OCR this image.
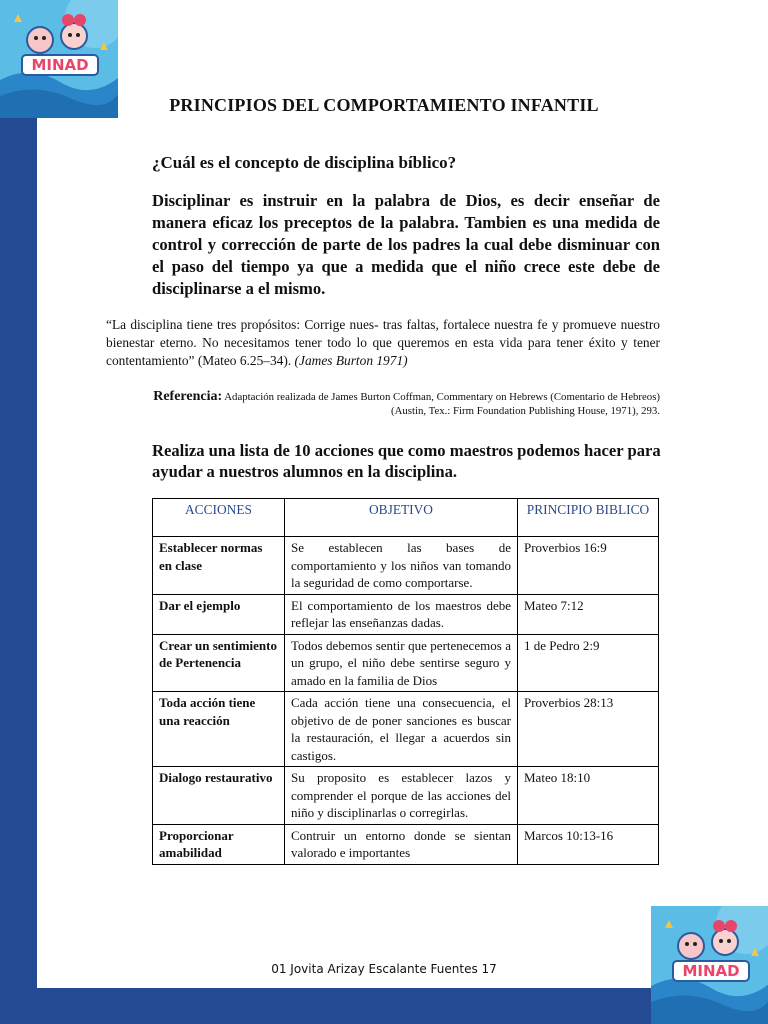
MINAD
MINAD
PRINCIPIOS DEL COMPORTAMIENTO INFANTIL
¿Cuál es el concepto de disciplina bíblico?
Disciplinar es instruir en la palabra de Dios, es decir enseñar de manera eficaz los preceptos de la palabra. Tambien es una medida de control y corrección de parte de los padres la cual debe disminuar con el paso del tiempo ya que a medida que el niño crece este debe de disciplinarse a el mismo.
“La disciplina tiene tres propósitos: Corrige nues- tras faltas, fortalece nuestra fe y promueve nuestro bienestar eterno. No necesitamos tener todo lo que queremos en esta vida para tener éxito y tener contentamiento” (Mateo 6.25–34). (James Burton 1971)
Referencia: Adaptación realizada de James Burton Coffman, Commentary on Hebrews (Comentario de Hebreos)
(Austin, Tex.: Firm Foundation Publishing House, 1971), 293.
Realiza una lista de 10 acciones que como maestros podemos hacer para ayudar a nuestros alumnos en la disciplina.
ACCIONES	OBJETIVO	PRINCIPIO BIBLICO
Establecer normas en clase	Se establecen las bases de comportamiento y los niños van tomando la seguridad de como comportarse.	Proverbios 16:9
Dar el ejemplo	El comportamiento de los maestros debe reflejar las enseñanzas dadas.	Mateo 7:12
Crear un sentimiento de Pertenencia	Todos debemos sentir que pertenecemos a un grupo, el niño debe sentirse seguro y amado en la familia de Dios	1 de Pedro 2:9
Toda acción tiene una reacción	Cada acción tiene una consecuencia, el objetivo de de poner sanciones es buscar la restauración, el llegar a acuerdos sin castigos.	Proverbios 28:13
Dialogo restaurativo	Su proposito es establecer lazos y comprender el porque de las acciones del niño y disciplinarlas o corregirlas.	Mateo 18:10
Proporcionar amabilidad	Contruir un entorno donde se sientan valorado e importantes	Marcos 10:13-16
01 Jovita Arizay Escalante Fuentes 17
